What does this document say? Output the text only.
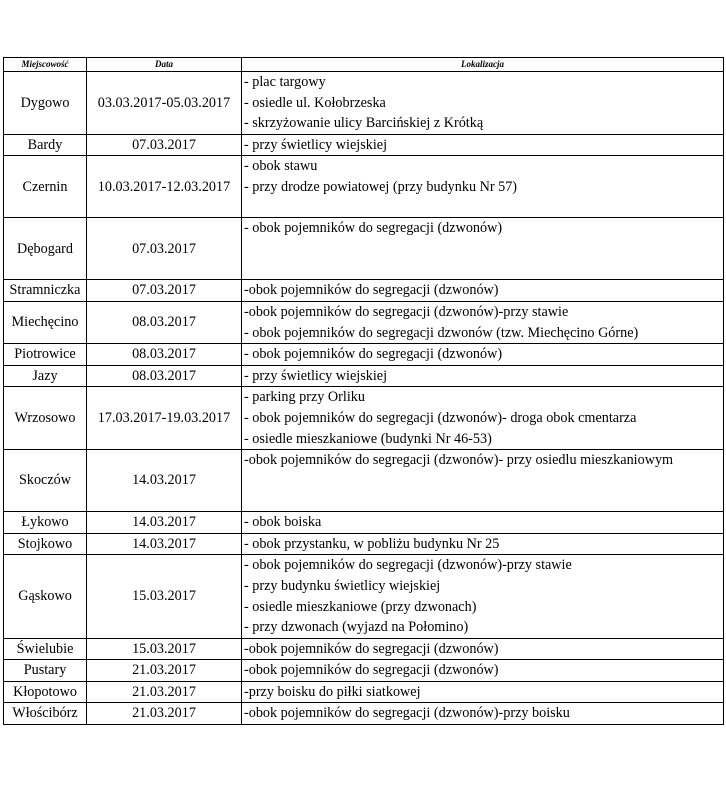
Miejscowość	Data	Lokalizacja
Dygowo	03.03.2017-05.03.2017	- plac targowy
- osiedle ul. Kołobrzeska
- skrzyżowanie ulicy Barcińskiej z Krótką

Bardy	07.03.2017	- przy świetlicy wiejskiej

Czernin	10.03.2017-12.03.2017	- obok stawu
- przy drodze powiatowej (przy budynku Nr 57)

Dębogard	07.03.2017	- obok pojemników do segregacji (dzwonów)

Stramniczka	07.03.2017	-obok pojemników do segregacji (dzwonów)

Miechęcino	08.03.2017	-obok pojemników do segregacji (dzwonów)-przy stawie
- obok pojemników do segregacji dzwonów (tzw. Miechęcino Górne)

Piotrowice	08.03.2017	- obok pojemników do segregacji (dzwonów)

Jazy	08.03.2017	- przy świetlicy wiejskiej

Wrzosowo	17.03.2017-19.03.2017	- parking przy Orliku
- obok pojemników do segregacji (dzwonów)- droga obok cmentarza
- osiedle mieszkaniowe (budynki Nr 46-53)

Skoczów	14.03.2017	-obok pojemników do segregacji (dzwonów)- przy osiedlu mieszkaniowym

Łykowo	14.03.2017	- obok boiska

Stojkowo	14.03.2017	- obok przystanku, w pobliżu budynku Nr 25

Gąskowo	15.03.2017	- obok pojemników do segregacji (dzwonów)-przy stawie
- przy budynku świetlicy wiejskiej
- osiedle mieszkaniowe (przy dzwonach)
- przy dzwonach (wyjazd na Połomino)

Świelubie	15.03.2017	-obok pojemników do segregacji (dzwonów)

Pustary	21.03.2017	-obok pojemników do segregacji (dzwonów)

Kłopotowo	21.03.2017	-przy boisku do piłki siatkowej

Włościbórz	21.03.2017	-obok pojemników do segregacji (dzwonów)-przy boisku
